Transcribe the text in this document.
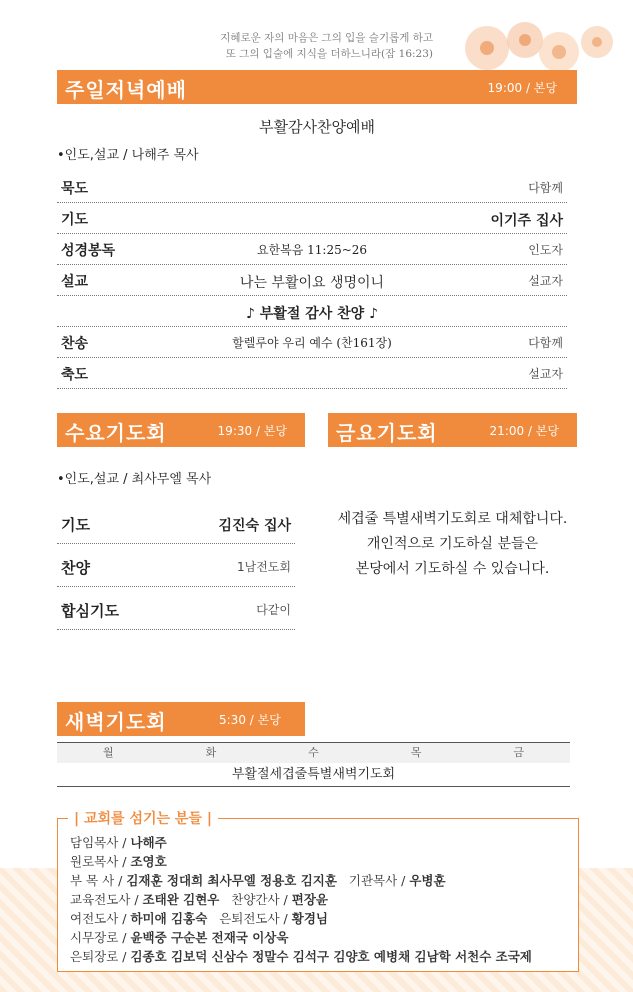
지혜로운 자의 마음은 그의 입을 슬기롭게 하고
또 그의 입술에 지식을 더하느니라(잠 16:23)
주일저녁예배	19:00 / 본당
부활감사찬양예배
•인도,설교 / 나해주 목사
묵도	다함께
기도	이기주 집사
성경봉독	요한복음 11:25~26	인도자
설교	나는 부활이요 생명이니	설교자
♪ 부활절 감사 찬양 ♪
찬송	할렐루야 우리 예수 (찬161장)	다함께
축도	설교자
수요기도회	19:30 / 본당
•인도,설교 / 최사무엘 목사
기도	김진숙 집사
찬양	1남전도회
합심기도	다같이
금요기도회	21:00 / 본당
세겹줄 특별새벽기도회로 대체합니다.
개인적으로 기도하실 분들은
본당에서 기도하실 수 있습니다.
새벽기도회	5:30 / 본당
월	화	수	목	금
부활절세겹줄특별새벽기도회
| 교회를 섬기는 분들 |
담임목사 / 나해주
원로목사 / 조영호
부 목 사 / 김재훈 정대희 최사무엘 정용호 김지훈   기관목사 / 우병훈
교육전도사 / 조태완 김현우   찬양간사 / 편장윤
여전도사 / 하미애 김홍숙   은퇴전도사 / 황경님
시무장로 / 윤백중 구순본 전재국 이상욱
은퇴장로 / 김종호 김보덕 신삼수 정말수 김석구 김양호 예병채 김남학 서천수 조국제
